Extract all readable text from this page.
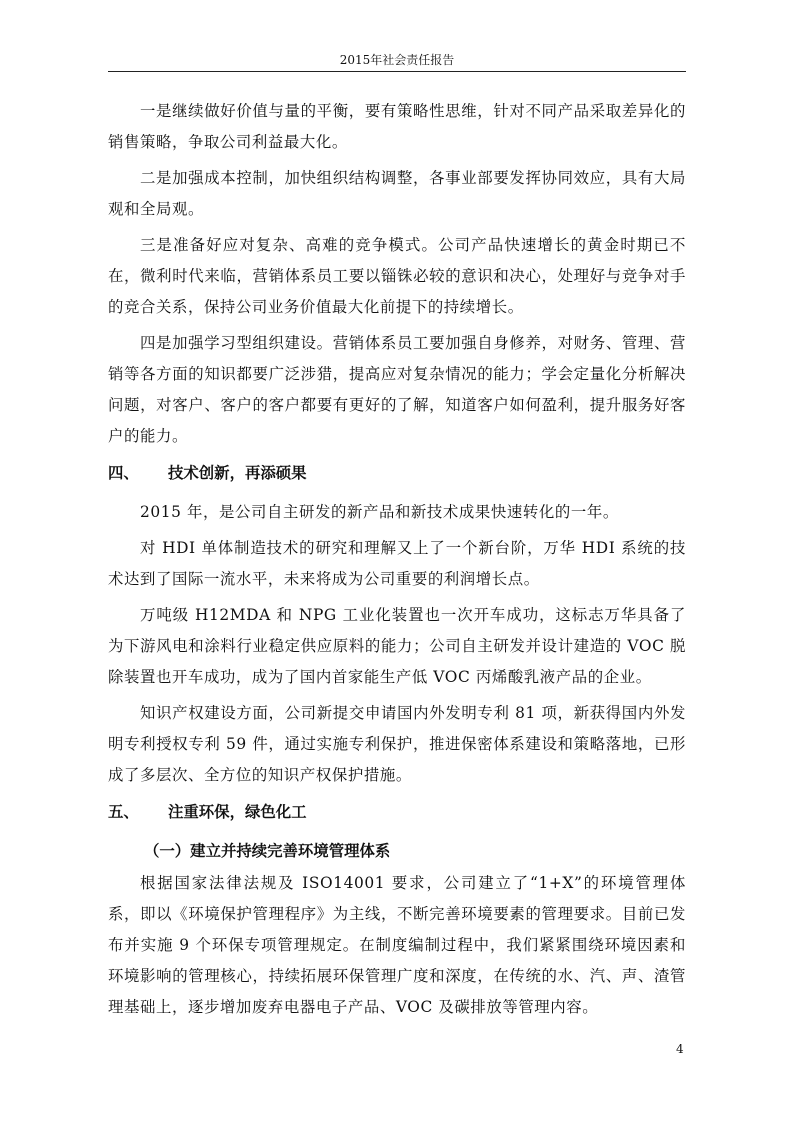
2015年社会责任报告

一是继续做好价值与量的平衡，要有策略性思维，针对不同产品采取差异化的销售策略，争取公司利益最大化。

二是加强成本控制，加快组织结构调整，各事业部要发挥协同效应，具有大局观和全局观。

三是准备好应对复杂、高难的竞争模式。公司产品快速增长的黄金时期已不在，微利时代来临，营销体系员工要以锱铢必较的意识和决心，处理好与竞争对手的竞合关系，保持公司业务价值最大化前提下的持续增长。

四是加强学习型组织建设。营销体系员工要加强自身修养，对财务、管理、营销等各方面的知识都要广泛涉猎，提高应对复杂情况的能力；学会定量化分析解决问题，对客户、客户的客户都要有更好的了解，知道客户如何盈利，提升服务好客户的能力。

四、 技术创新，再添硕果

2015 年，是公司自主研发的新产品和新技术成果快速转化的一年。

对 HDI 单体制造技术的研究和理解又上了一个新台阶，万华 HDI 系统的技术达到了国际一流水平，未来将成为公司重要的利润增长点。

万吨级 H12MDA 和 NPG 工业化装置也一次开车成功，这标志万华具备了为下游风电和涂料行业稳定供应原料的能力；公司自主研发并设计建造的 VOC 脱除装置也开车成功，成为了国内首家能生产低 VOC 丙烯酸乳液产品的企业。

知识产权建设方面，公司新提交申请国内外发明专利 81 项，新获得国内外发明专利授权专利 59 件，通过实施专利保护，推进保密体系建设和策略落地，已形成了多层次、全方位的知识产权保护措施。

五、 注重环保，绿色化工
（一）建立并持续完善环境管理体系

根据国家法律法规及 ISO14001 要求，公司建立了“1+X”的环境管理体系，即以《环境保护管理程序》为主线，不断完善环境要素的管理要求。目前已发布并实施 9 个环保专项管理规定。在制度编制过程中，我们紧紧围绕环境因素和环境影响的管理核心，持续拓展环保管理广度和深度，在传统的水、汽、声、渣管理基础上，逐步增加废弃电器电子产品、VOC 及碳排放等管理内容。

4
